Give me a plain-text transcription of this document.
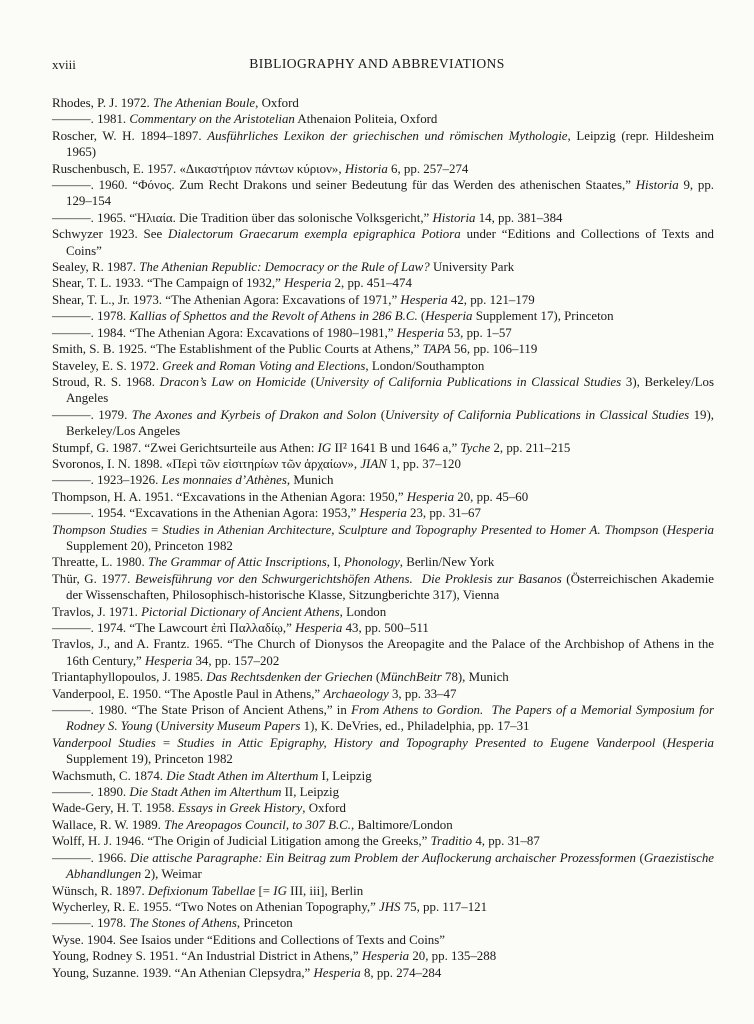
xviii	BIBLIOGRAPHY AND ABBREVIATIONS

Rhodes, P. J. 1972. The Athenian Boule, Oxford

———. 1981. Commentary on the Aristotelian Athenaion Politeia, Oxford

Roscher, W. H. 1894–1897. Ausführliches Lexikon der griechischen und römischen Mythologie, Leipzig (repr. Hildesheim 1965)

Ruschenbusch, E. 1957. «Δικαστήριον πάντων κύριον», Historia 6, pp. 257–274

———. 1960. “Φόνος. Zum Recht Drakons und seiner Bedeutung für das Werden des athenischen Staates,” Historia 9, pp. 129–154

———. 1965. “Ἡλιαία. Die Tradition über das solonische Volksgericht,” Historia 14, pp. 381–384

Schwyzer 1923. See Dialectorum Graecarum exempla epigraphica Potiora under “Editions and Collections of Texts and Coins”

Sealey, R. 1987. The Athenian Republic: Democracy or the Rule of Law? University Park

Shear, T. L. 1933. “The Campaign of 1932,” Hesperia 2, pp. 451–474

Shear, T. L., Jr. 1973. “The Athenian Agora: Excavations of 1971,” Hesperia 42, pp. 121–179

———. 1978. Kallias of Sphettos and the Revolt of Athens in 286 B.C. (Hesperia Supplement 17), Princeton

———. 1984. “The Athenian Agora: Excavations of 1980–1981,” Hesperia 53, pp. 1–57

Smith, S. B. 1925. “The Establishment of the Public Courts at Athens,” TAPA 56, pp. 106–119

Staveley, E. S. 1972. Greek and Roman Voting and Elections, London/Southampton

Stroud, R. S. 1968. Dracon’s Law on Homicide (University of California Publications in Classical Studies 3), Berkeley/Los Angeles

———. 1979. The Axones and Kyrbeis of Drakon and Solon (University of California Publications in Classical Studies 19), Berkeley/Los Angeles

Stumpf, G. 1987. “Zwei Gerichtsurteile aus Athen: IG II² 1641 B und 1646 a,” Tyche 2, pp. 211–215

Svoronos, I. N. 1898. «Περὶ τῶν εἰσιτηρίων τῶν ἀρχαίων», JIAN 1, pp. 37–120

———. 1923–1926. Les monnaies d’Athènes, Munich

Thompson, H. A. 1951. “Excavations in the Athenian Agora: 1950,” Hesperia 20, pp. 45–60

———. 1954. “Excavations in the Athenian Agora: 1953,” Hesperia 23, pp. 31–67

Thompson Studies = Studies in Athenian Architecture, Sculpture and Topography Presented to Homer A. Thompson (Hesperia Supplement 20), Princeton 1982

Threatte, L. 1980. The Grammar of Attic Inscriptions, I, Phonology, Berlin/New York

Thür, G. 1977. Beweisführung vor den Schwurgerichtshöfen Athens.  Die Proklesis zur Basanos (Österreichischen Akademie der Wissenschaften, Philosophisch-historische Klasse, Sitzungberichte 317), Vienna

Travlos, J. 1971. Pictorial Dictionary of Ancient Athens, London

———. 1974. “The Lawcourt ἐπὶ Παλλαδίῳ,” Hesperia 43, pp. 500–511

Travlos, J., and A. Frantz. 1965. “The Church of Dionysos the Areopagite and the Palace of the Archbishop of Athens in the 16th Century,” Hesperia 34, pp. 157–202

Triantaphyllopoulos, J. 1985. Das Rechtsdenken der Griechen (MünchBeitr 78), Munich

Vanderpool, E. 1950. “The Apostle Paul in Athens,” Archaeology 3, pp. 33–47

———. 1980. “The State Prison of Ancient Athens,” in From Athens to Gordion.  The Papers of a Memorial Symposium for Rodney S. Young (University Museum Papers 1), K. DeVries, ed., Philadelphia, pp. 17–31

Vanderpool Studies = Studies in Attic Epigraphy, History and Topography Presented to Eugene Vanderpool (Hesperia Supplement 19), Princeton 1982

Wachsmuth, C. 1874. Die Stadt Athen im Alterthum I, Leipzig

———. 1890. Die Stadt Athen im Alterthum II, Leipzig

Wade-Gery, H. T. 1958. Essays in Greek History, Oxford

Wallace, R. W. 1989. The Areopagos Council, to 307 B.C., Baltimore/London

Wolff, H. J. 1946. “The Origin of Judicial Litigation among the Greeks,” Traditio 4, pp. 31–87

———. 1966. Die attische Paragraphe: Ein Beitrag zum Problem der Auflockerung archaischer Prozessformen (Graezistische Abhandlungen 2), Weimar

Wünsch, R. 1897. Defixionum Tabellae [= IG III, iii], Berlin

Wycherley, R. E. 1955. “Two Notes on Athenian Topography,” JHS 75, pp. 117–121

———. 1978. The Stones of Athens, Princeton

Wyse. 1904. See Isaios under “Editions and Collections of Texts and Coins”

Young, Rodney S. 1951. “An Industrial District in Athens,” Hesperia 20, pp. 135–288

Young, Suzanne. 1939. “An Athenian Clepsydra,” Hesperia 8, pp. 274–284
